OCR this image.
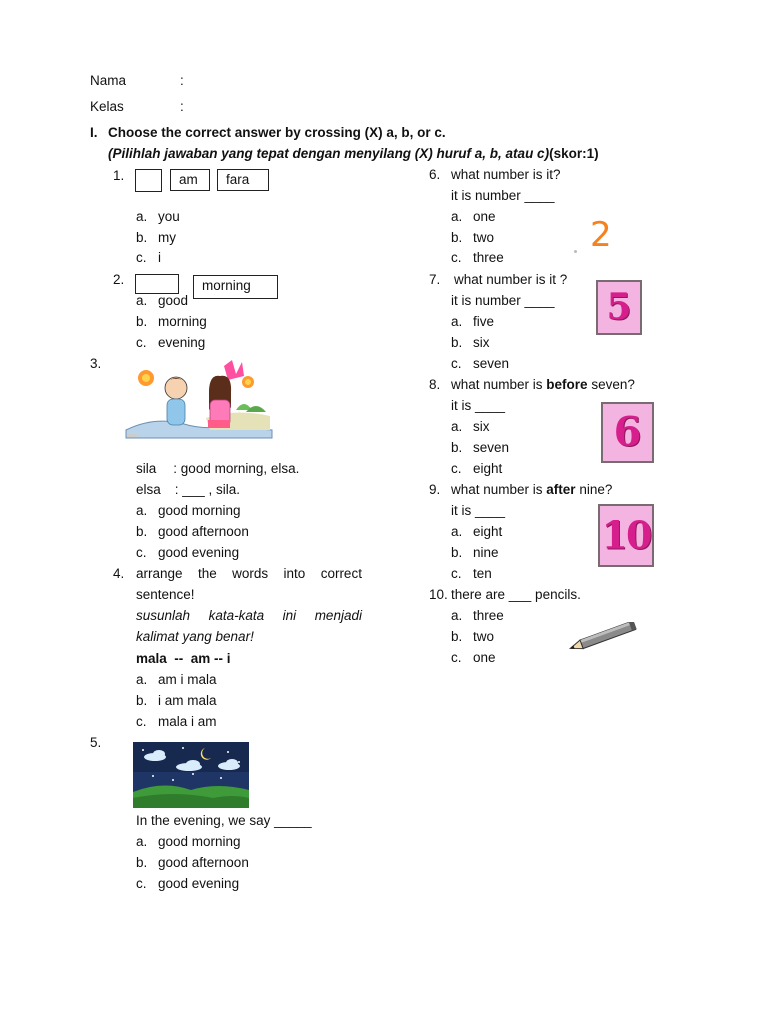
Nama	:
Kelas	:
I. Choose the correct answer by crossing (X) a, b, or c.
(Pilihlah jawaban yang tepat dengan menyilang (X) huruf a, b, atau c)(skor:1)
1.	am	fara
a. you
b. my
c. i
2.	morning
a. good
b. morning
c. evening
3.
sila : good morning, elsa.
elsa : ___ , sila.
a. good morning
b. good afternoon
c. good evening
4. arrange the words into correct
sentence!
susunlah kata-kata ini menjadi
kalimat yang benar!
mala  --  am -- i
a. am i mala
b. i am mala
c. mala i am
5.
In the evening, we say _____
a. good morning
b. good afternoon
c. good evening
6. what number is it?
it is number ____
a. one
b. two
c. three
2
7. what number is it ?
it is number ____
a. five
b. six
c. seven
5
8. what number is before seven?
it is ____
a. six
b. seven
c. eight
6
9. what number is after nine?
it is ____
a. eight
b. nine
c. ten
10
10. there are ___ pencils.
a. three
b. two
c. one
